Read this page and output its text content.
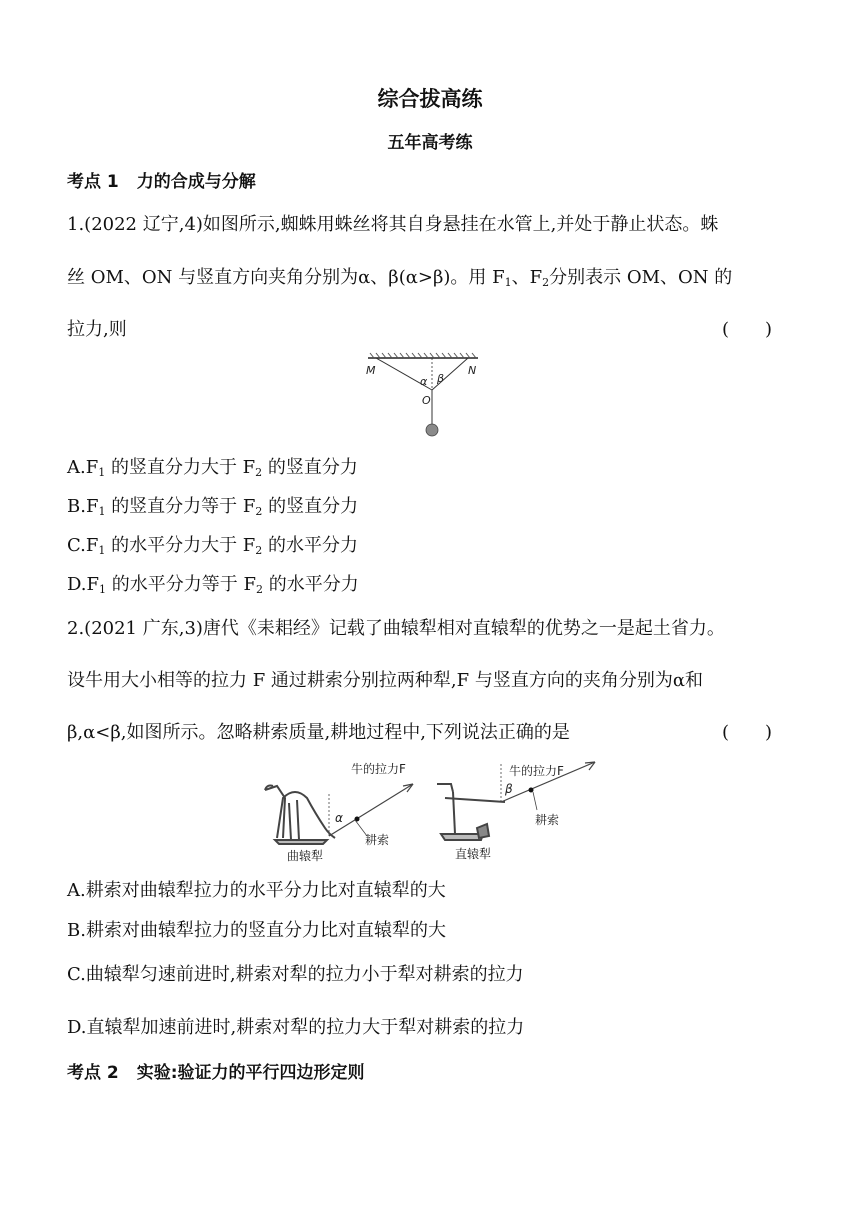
综合拔高练
五年高考练
考点 1 力的合成与分解
1.(2022 辽宁,4)如图所示,蜘蛛用蛛丝将其自身悬挂在水管上,并处于静止状态。蛛
丝 OM、ON 与竖直方向夹角分别为α、β(α>β)。用 $F_1$、$F_2$分别表示 OM、ON 的
拉力,则	(　　)
M	N
O
α β
$A.F_1$ 的竖直分力大于 $F_2$ 的竖直分力
$B.F_1$ 的竖直分力等于 $F_2$ 的竖直分力
$C.F_1$ 的水平分力大于 $F_2$ 的水平分力
$D.F_1$ 的水平分力等于 $F_2$ 的水平分力
2.(2021 广东,3)唐代《耒耜经》记载了曲辕犁相对直辕犁的优势之一是起土省力。
设牛用大小相等的拉力 F 通过耕索分别拉两种犁,F 与竖直方向的夹角分别为α和
β,α<β,如图所示。忽略耕索质量,耕地过程中,下列说法正确的是	(　　)
牛的拉力F
α
耕索
曲辕犁
牛的拉力F
β
耕索
直辕犁
A.耕索对曲辕犁拉力的水平分力比对直辕犁的大
B.耕索对曲辕犁拉力的竖直分力比对直辕犁的大
C.曲辕犁匀速前进时,耕索对犁的拉力小于犁对耕索的拉力
D.直辕犁加速前进时,耕索对犁的拉力大于犁对耕索的拉力
考点 2 实验:验证力的平行四边形定则
